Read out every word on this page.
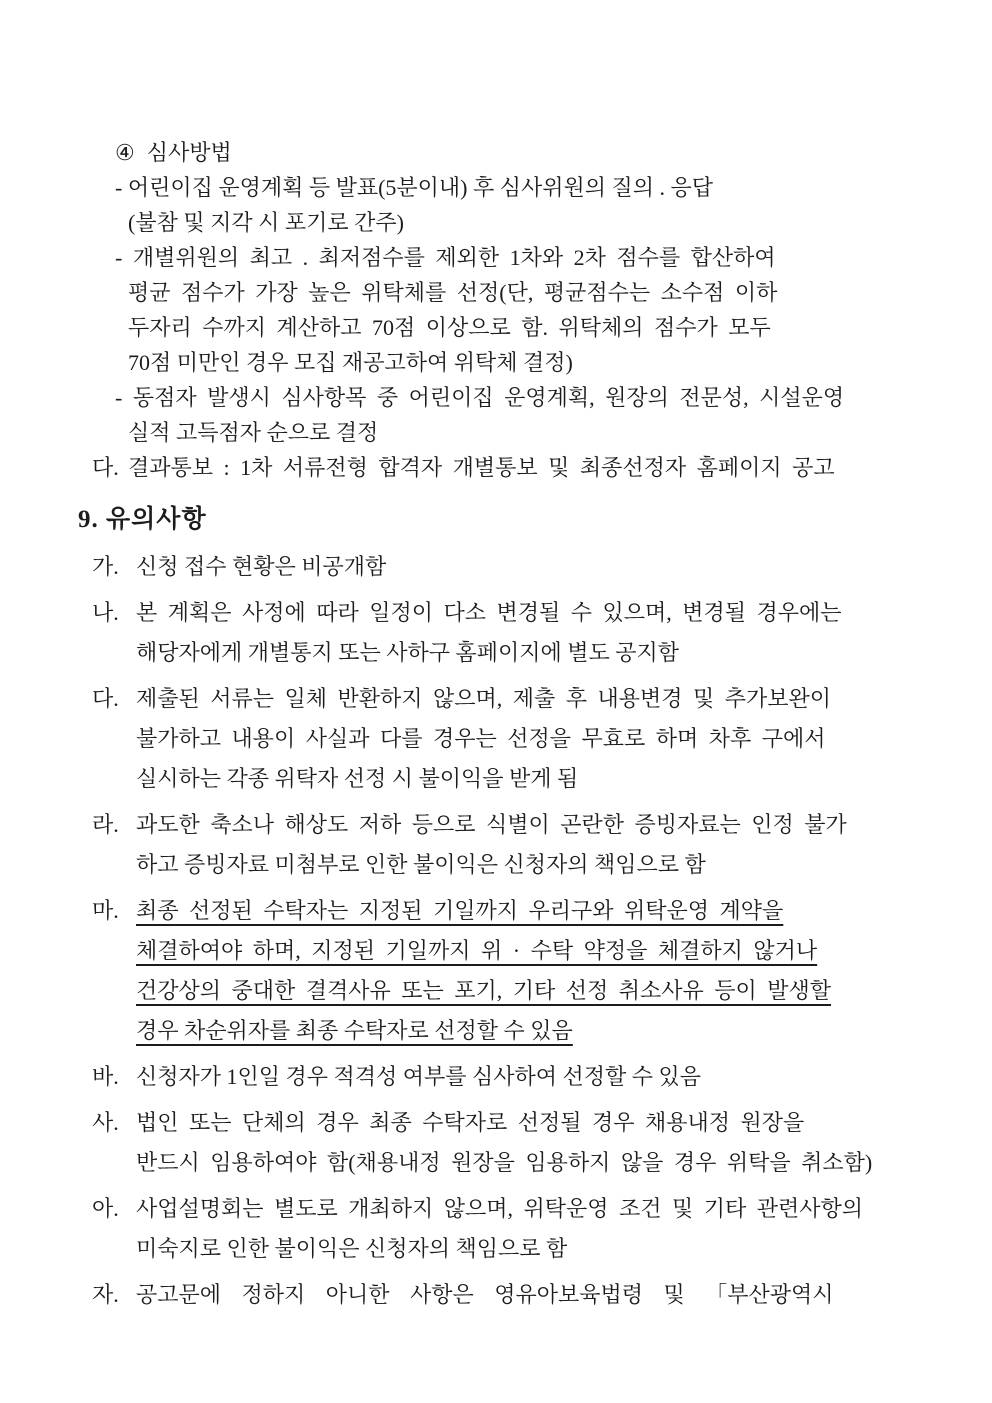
④ 심사방법
- 어린이집 운영계획 등 발표(5분이내) 후 심사위원의 질의 . 응답
(불참 및 지각 시 포기로 간주)
- 개별위원의 최고 . 최저점수를 제외한 1차와 2차 점수를 합산하여
평균 점수가 가장 높은 위탁체를 선정(단, 평균점수는 소수점 이하
두자리 수까지 계산하고 70점 이상으로 함. 위탁체의 점수가 모두
70점 미만인 경우 모집 재공고하여 위탁체 결정)
- 동점자 발생시 심사항목 중 어린이집 운영계획, 원장의 전문성, 시설운영
실적 고득점자 순으로 결정
다. 결과통보 : 1차 서류전형 합격자 개별통보 및 최종선정자 홈페이지 공고
9. 유의사항
가. 신청 접수 현황은 비공개함
나. 본 계획은 사정에 따라 일정이 다소 변경될 수 있으며, 변경될 경우에는
해당자에게 개별통지 또는 사하구 홈페이지에 별도 공지함
다. 제출된 서류는 일체 반환하지 않으며, 제출 후 내용변경 및 추가보완이
불가하고 내용이 사실과 다를 경우는 선정을 무효로 하며 차후 구에서
실시하는 각종 위탁자 선정 시 불이익을 받게 됨
라. 과도한 축소나 해상도 저하 등으로 식별이 곤란한 증빙자료는 인정 불가
하고 증빙자료 미첨부로 인한 불이익은 신청자의 책임으로 함
마. 최종 선정된 수탁자는 지정된 기일까지 우리구와 위탁운영 계약을
체결하여야 하며, 지정된 기일까지 위 · 수탁 약정을 체결하지 않거나
건강상의 중대한 결격사유 또는 포기, 기타 선정 취소사유 등이 발생할
경우 차순위자를 최종 수탁자로 선정할 수 있음
바. 신청자가 1인일 경우 적격성 여부를 심사하여 선정할 수 있음
사. 법인 또는 단체의 경우 최종 수탁자로 선정될 경우 채용내정 원장을
반드시 임용하여야 함(채용내정 원장을 임용하지 않을 경우 위탁을 취소함)
아. 사업설명회는 별도로 개최하지 않으며, 위탁운영 조건 및 기타 관련사항의
미숙지로 인한 불이익은 신청자의 책임으로 함
자. 공고문에 정하지 아니한 사항은 영유아보육법령 및 「부산광역시
